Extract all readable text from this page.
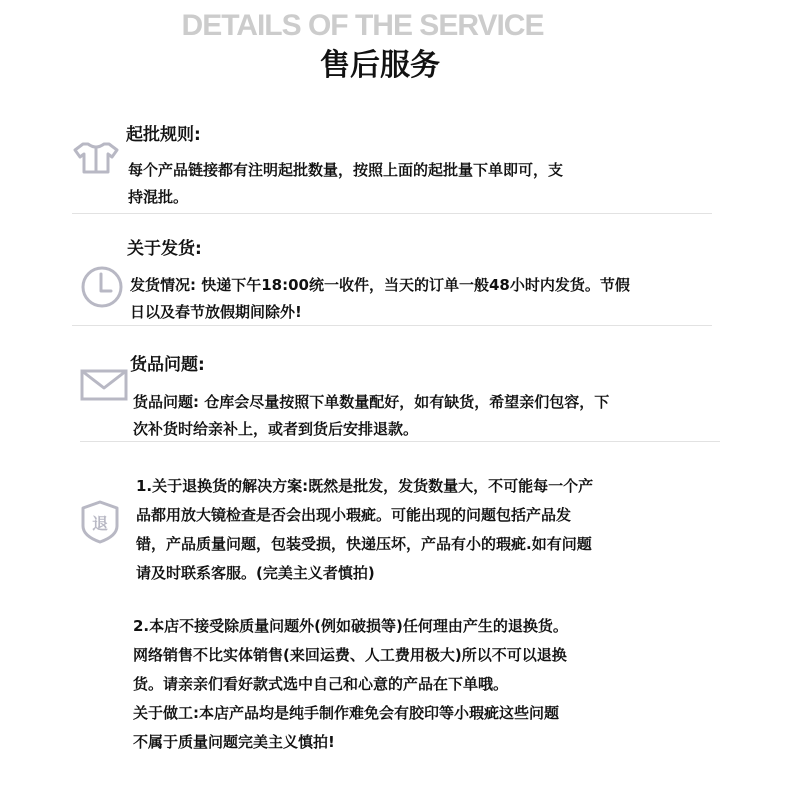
DETAILS OF THE SERVICE
售后服务

起批规则:

每个产品链接都有注明起批数量，按照上面的起批量下单即可，支

持混批。

关于发货:

发货情况: 快递下午18:00统一收件，当天的订单一般48小时内发货。节假

日以及春节放假期间除外!

货品问题:

货品问题: 仓库会尽量按照下单数量配好，如有缺货，希望亲们包容，下

次补货时给亲补上，或者到货后安排退款。

退

1.关于退换货的解决方案:既然是批发，发货数量大，不可能每一个产

品都用放大镜检查是否会出现小瑕疵。可能出现的问题包括产品发

错，产品质量问题，包装受损，快递压坏，产品有小的瑕疵.如有问题

请及时联系客服。(完美主义者慎拍)

2.本店不接受除质量问题外(例如破损等)任何理由产生的退换货。

网络销售不比实体销售(来回运费、人工费用极大)所以不可以退换

货。请亲亲们看好款式选中自己和心意的产品在下单哦。

关于做工:本店产品均是纯手制作难免会有胶印等小瑕疵这些问题

不属于质量问题完美主义慎拍!
